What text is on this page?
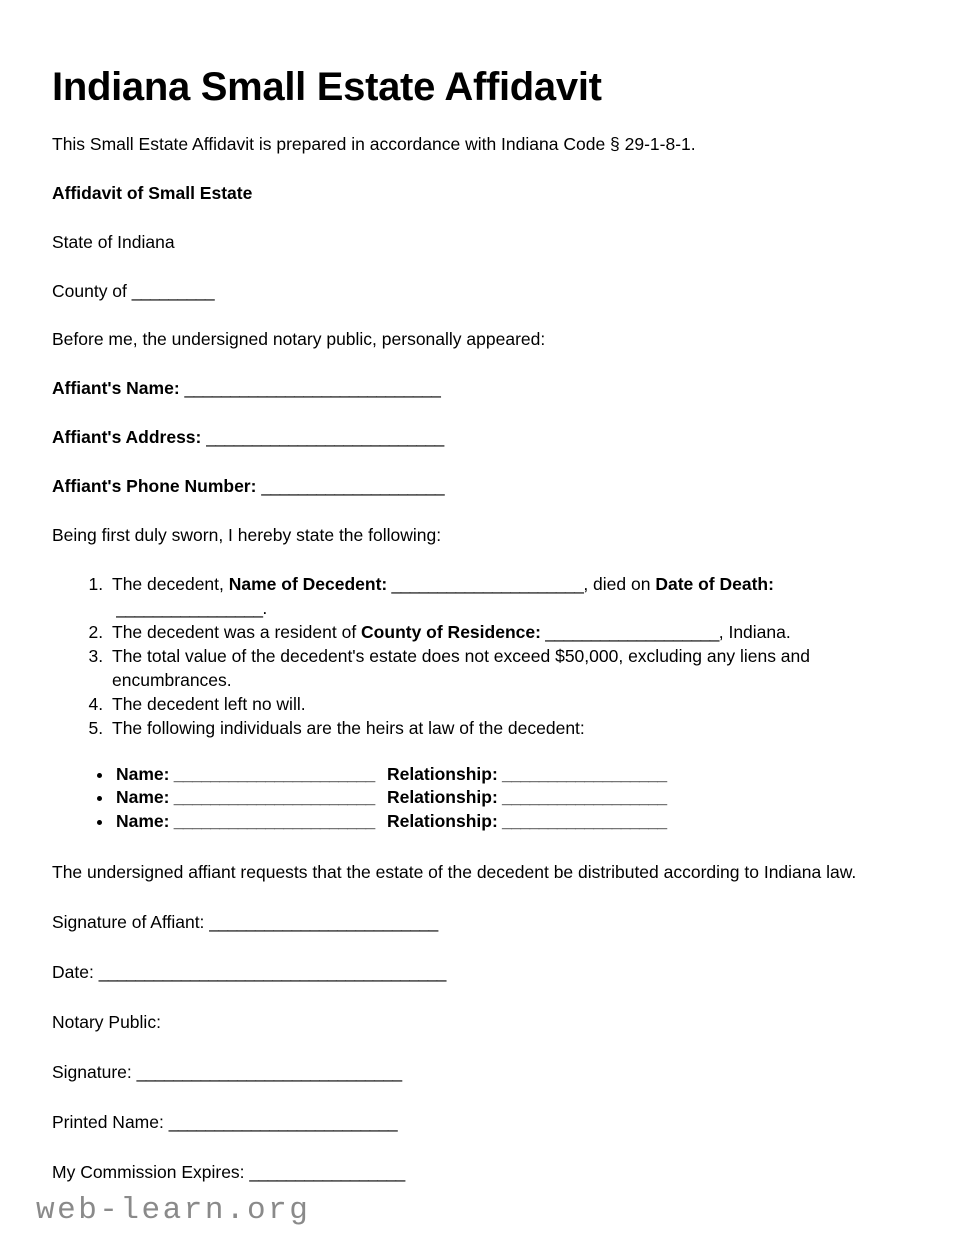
Indiana Small Estate Affidavit

This Small Estate Affidavit is prepared in accordance with Indiana Code § 29-1-8-1.

Affidavit of Small Estate

State of Indiana

County of _________

Before me, the undersigned notary public, personally appeared:

Affiant's Name: ____________________________
Affiant's Address: __________________________
Affiant's Phone Number: ____________________

Being first duly sworn, I hereby state the following:

1. The decedent, Name of Decedent: _____________________, died on Date of Death: ________________.
2. The decedent was a resident of County of Residence: ___________________, Indiana.
3. The total value of the decedent's estate does not exceed $50,000, excluding any liens and encumbrances.
4. The decedent left no will.
5. The following individuals are the heirs at law of the decedent:
• Name: ______________________ Relationship: __________________
• Name: ______________________ Relationship: __________________
• Name: ______________________ Relationship: __________________

The undersigned affiant requests that the estate of the decedent be distributed according to Indiana law.

Signature of Affiant: _________________________
Date: ______________________________________
Notary Public:
Signature: _____________________________
Printed Name: _________________________
My Commission Expires: _________________
web-learn.org
